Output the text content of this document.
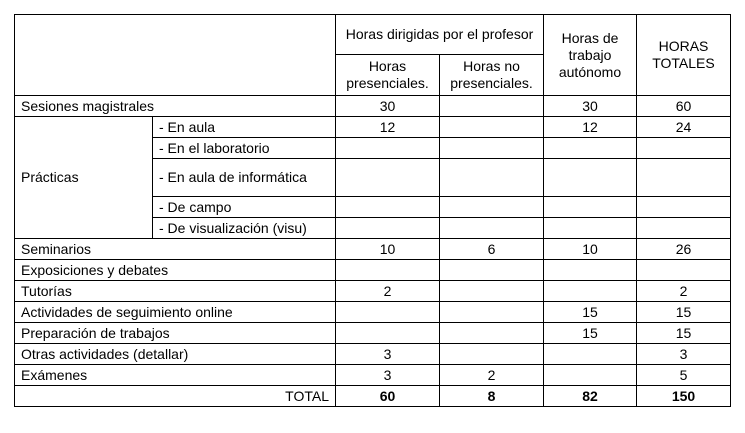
		Horas dirigidas por el profesor		Horas de trabajo autónomo	HORAS TOTALES
		Horas presenciales.	Horas no presenciales.		
Sesiones magistrales		30		30	60
Prácticas	- En aula	12		12	24
	- En el laboratorio				
	- En aula de informática				
	- De campo				
	- De visualización (visu)				
Seminarios		10	6	10	26
Exposiciones y debates					
Tutorías		2			2
Actividades de seguimiento online				15	15
Preparación de trabajos				15	15
Otras actividades (detallar)		3			3
Exámenes		3	2		5
TOTAL		60	8	82	150
